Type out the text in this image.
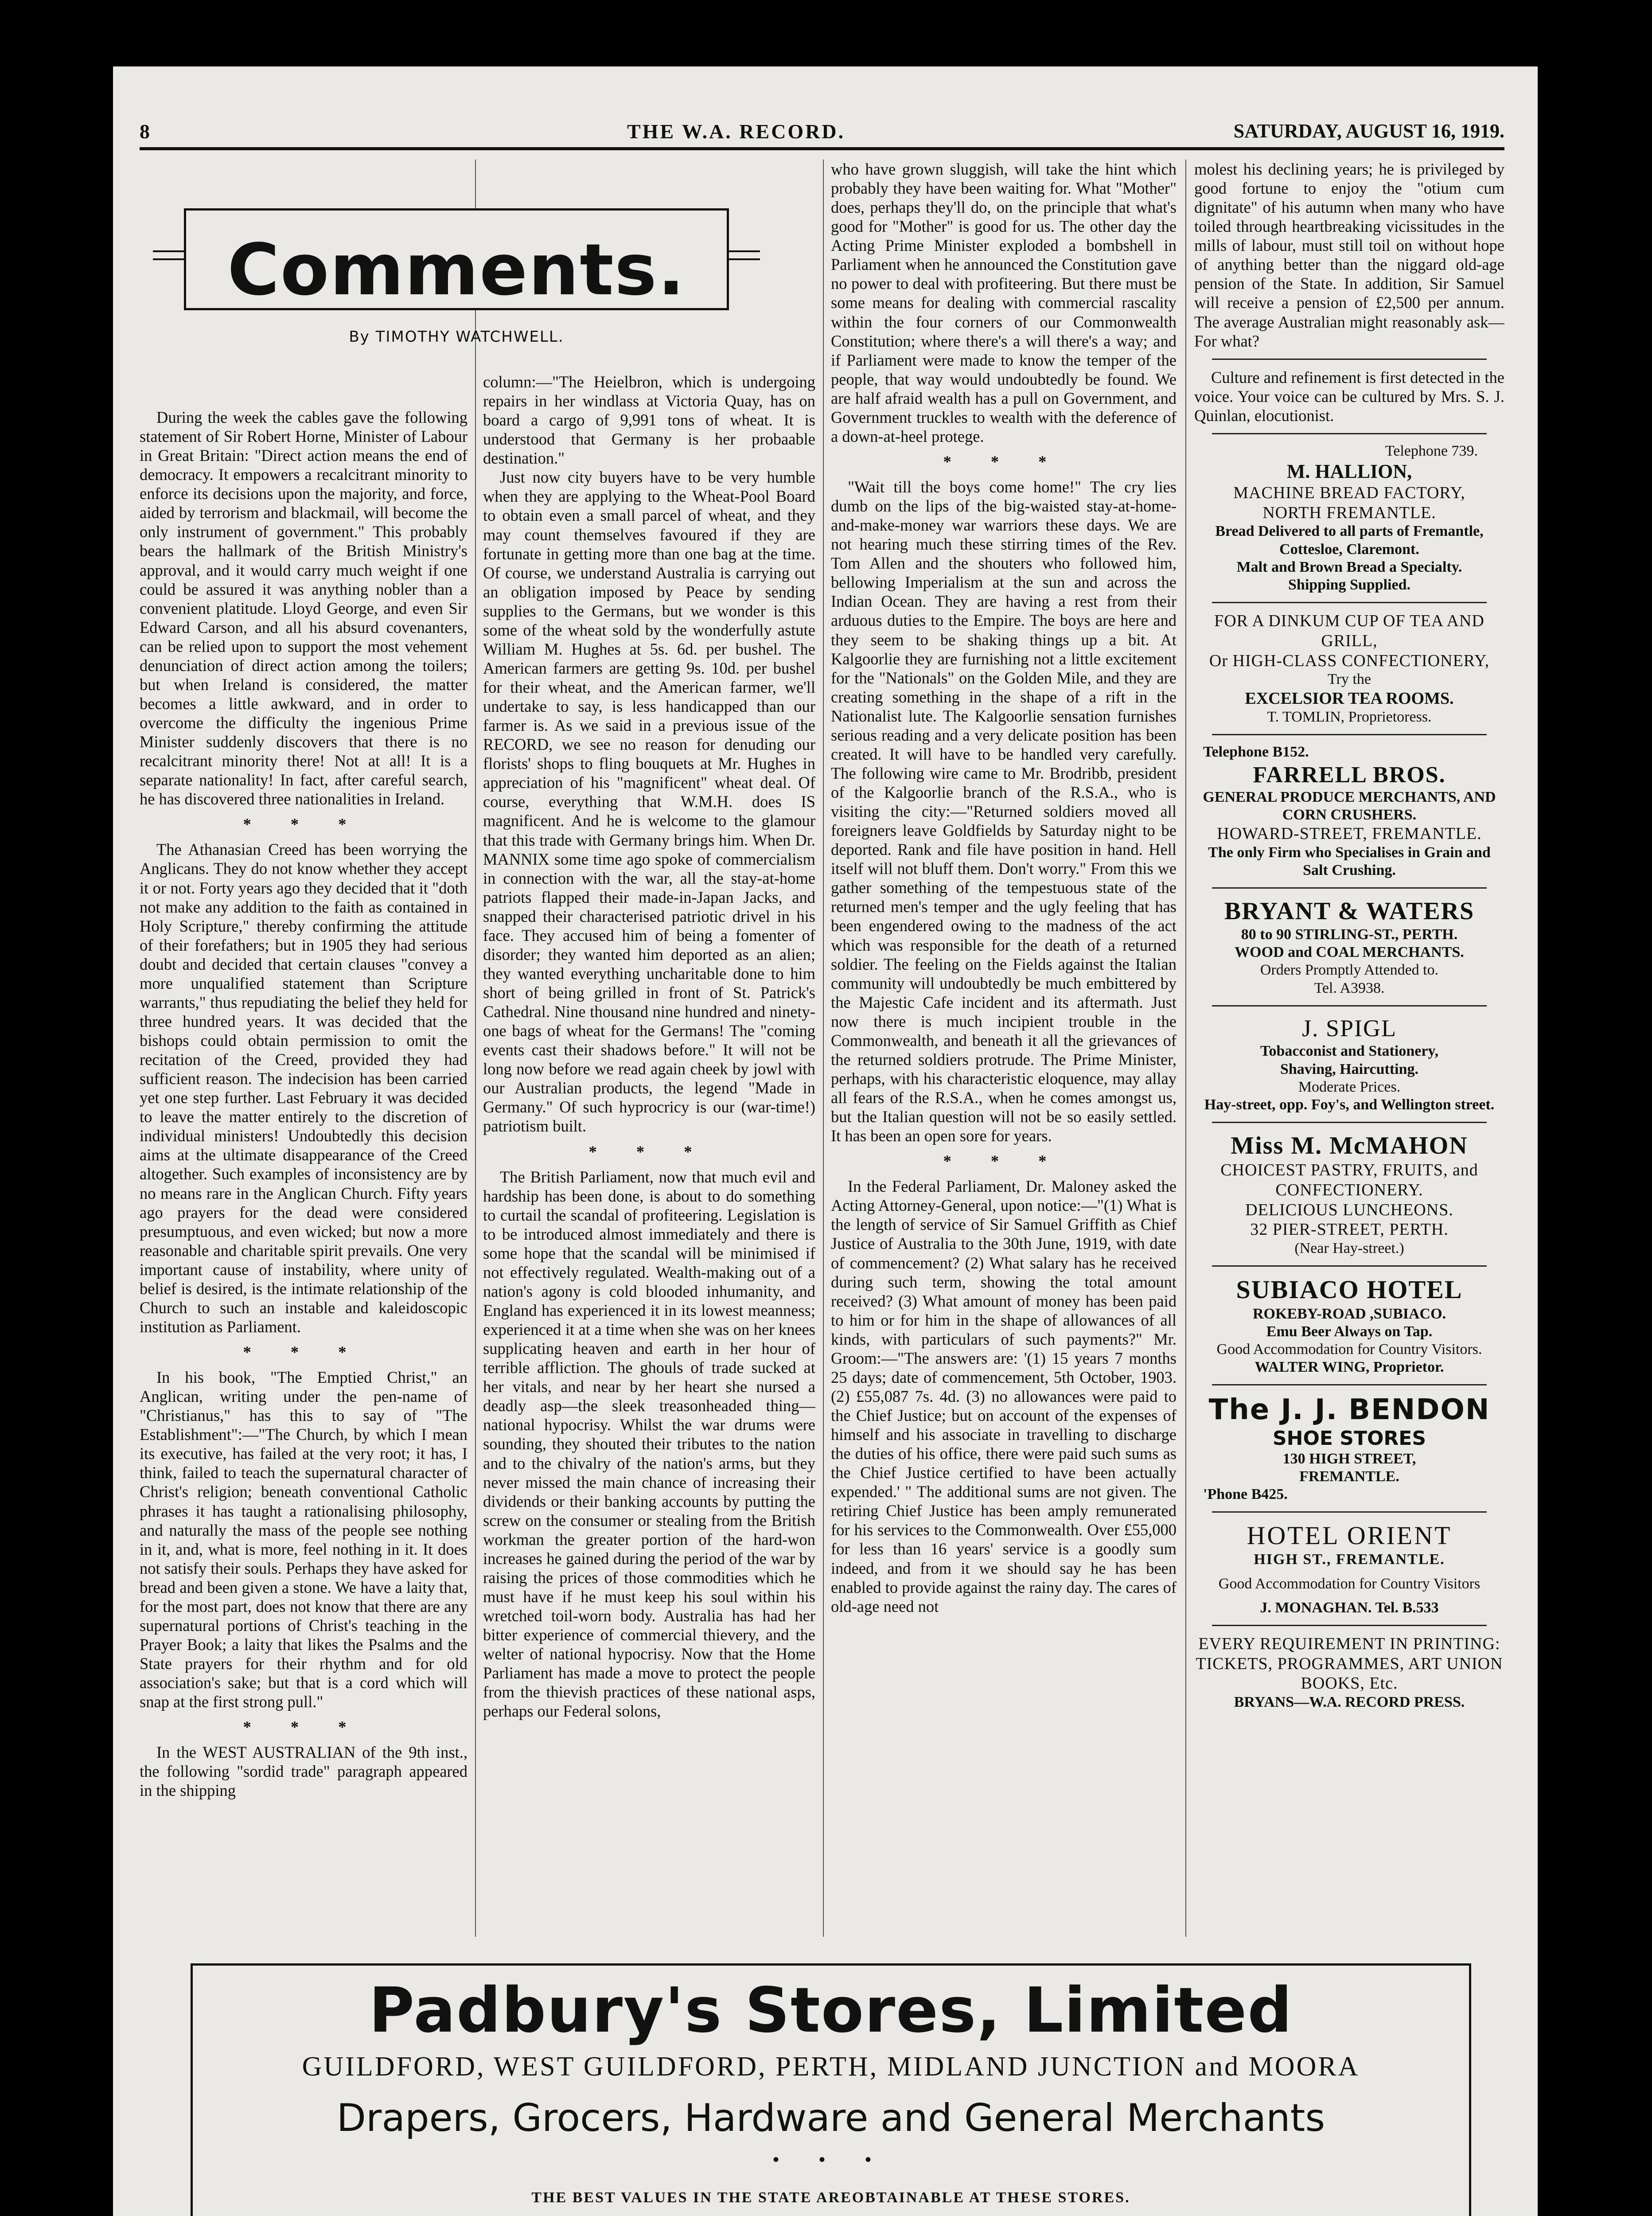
8	THE W.A. RECORD.	SATURDAY, AUGUST 16, 1919.
Comments.
By TIMOTHY WATCHWELL.

During the week the cables gave the following statement of Sir Robert Horne, Minister of Labour in Great Britain: "Direct action means the end of democracy. It empowers a recalcitrant minority to enforce its decisions upon the majority, and force, aided by terrorism and blackmail, will become the only instrument of government." This probably bears the hallmark of the British Ministry's approval, and it would carry much weight if one could be assured it was anything nobler than a convenient platitude. Lloyd George, and even Sir Edward Carson, and all his absurd covenanters, can be relied upon to support the most vehement denunciation of direct action among the toilers; but when Ireland is considered, the matter becomes a little awkward, and in order to overcome the difficulty the ingenious Prime Minister suddenly discovers that there is no recalcitrant minority there! Not at all! It is a separate nationality! In fact, after careful search, he has discovered three nationalities in Ireland.

* * *

The Athanasian Creed has been worrying the Anglicans. They do not know whether they accept it or not. Forty years ago they decided that it "doth not make any addition to the faith as contained in Holy Scripture," thereby confirming the attitude of their forefathers; but in 1905 they had serious doubt and decided that certain clauses "convey a more unqualified statement than Scripture warrants," thus repudiating the belief they held for three hundred years. It was decided that the bishops could obtain permission to omit the recitation of the Creed, provided they had sufficient reason. The indecision has been carried yet one step further. Last February it was decided to leave the matter entirely to the discretion of individual ministers! Undoubtedly this decision aims at the ultimate disappearance of the Creed altogether. Such examples of inconsistency are by no means rare in the Anglican Church. Fifty years ago prayers for the dead were considered presumptuous, and even wicked; but now a more reasonable and charitable spirit prevails. One very important cause of instability, where unity of belief is desired, is the intimate relationship of the Church to such an instable and kaleidoscopic institution as Parliament.

* * *

In his book, "The Emptied Christ," an Anglican, writing under the pen-name of "Christianus," has this to say of "The Establishment":—"The Church, by which I mean its executive, has failed at the very root; it has, I think, failed to teach the supernatural character of Christ's religion; beneath conventional Catholic phrases it has taught a rationalising philosophy, and naturally the mass of the people see nothing in it, and, what is more, feel nothing in it. It does not satisfy their souls. Perhaps they have asked for bread and been given a stone. We have a laity that, for the most part, does not know that there are any supernatural portions of Christ's teaching in the Prayer Book; a laity that likes the Psalms and the State prayers for their rhythm and for old association's sake; but that is a cord which will snap at the first strong pull."

* * *

In the WEST AUSTRALIAN of the 9th inst., the following "sordid trade" paragraph appeared in the shipping

column:—"The Heielbron, which is undergoing repairs in her windlass at Victoria Quay, has on board a cargo of 9,991 tons of wheat. It is understood that Germany is her probaable destination."

Just now city buyers have to be very humble when they are applying to the Wheat-Pool Board to obtain even a small parcel of wheat, and they may count themselves favoured if they are fortunate in getting more than one bag at the time. Of course, we understand Australia is carrying out an obligation imposed by Peace by sending supplies to the Germans, but we wonder is this some of the wheat sold by the wonderfully astute William M. Hughes at 5s. 6d. per bushel. The American farmers are getting 9s. 10d. per bushel for their wheat, and the American farmer, we'll undertake to say, is less handicapped than our farmer is. As we said in a previous issue of the RECORD, we see no reason for denuding our florists' shops to fling bouquets at Mr. Hughes in appreciation of his "magnificent" wheat deal. Of course, everything that W.M.H. does IS magnificent. And he is welcome to the glamour that this trade with Germany brings him. When Dr. MANNIX some time ago spoke of commercialism in connection with the war, all the stay-at-home patriots flapped their made-in-Japan Jacks, and snapped their characterised patriotic drivel in his face. They accused him of being a fomenter of disorder; they wanted him deported as an alien; they wanted everything uncharitable done to him short of being grilled in front of St. Patrick's Cathedral. Nine thousand nine hundred and ninety-one bags of wheat for the Germans! The "coming events cast their shadows before." It will not be long now before we read again cheek by jowl with our Australian products, the legend "Made in Germany." Of such hyprocricy is our (war-time!) patriotism built.

* * *

The British Parliament, now that much evil and hardship has been done, is about to do something to curtail the scandal of profiteering. Legislation is to be introduced almost immediately and there is some hope that the scandal will be minimised if not effectively regulated. Wealth-making out of a nation's agony is cold blooded inhumanity, and England has experienced it in its lowest meanness; experienced it at a time when she was on her knees supplicating heaven and earth in her hour of terrible affliction. The ghouls of trade sucked at her vitals, and near by her heart she nursed a deadly asp—the sleek treasonheaded thing—national hypocrisy. Whilst the war drums were sounding, they shouted their tributes to the nation and to the chivalry of the nation's arms, but they never missed the main chance of increasing their dividends or their banking accounts by putting the screw on the consumer or stealing from the British workman the greater portion of the hard-won increases he gained during the period of the war by raising the prices of those commodities which he must have if he must keep his soul within his wretched toil-worn body. Australia has had her bitter experience of commercial thievery, and the welter of national hypocrisy. Now that the Home Parliament has made a move to protect the people from the thievish practices of these national asps, perhaps our Federal solons,

who have grown sluggish, will take the hint which probably they have been waiting for. What "Mother" does, perhaps they'll do, on the principle that what's good for "Mother" is good for us. The other day the Acting Prime Minister exploded a bombshell in Parliament when he announced the Constitution gave no power to deal with profiteering. But there must be some means for dealing with commercial rascality within the four corners of our Commonwealth Constitution; where there's a will there's a way; and if Parliament were made to know the temper of the people, that way would undoubtedly be found. We are half afraid wealth has a pull on Government, and Government truckles to wealth with the deference of a down-at-heel protege.

* * *

"Wait till the boys come home!" The cry lies dumb on the lips of the big-waisted stay-at-home-and-make-money war warriors these days. We are not hearing much these stirring times of the Rev. Tom Allen and the shouters who followed him, bellowing Imperialism at the sun and across the Indian Ocean. They are having a rest from their arduous duties to the Empire. The boys are here and they seem to be shaking things up a bit. At Kalgoorlie they are furnishing not a little excitement for the "Nationals" on the Golden Mile, and they are creating something in the shape of a rift in the Nationalist lute. The Kalgoorlie sensation furnishes serious reading and a very delicate position has been created. It will have to be handled very carefully. The following wire came to Mr. Brodribb, president of the Kalgoorlie branch of the R.S.A., who is visiting the city:—"Returned soldiers moved all foreigners leave Goldfields by Saturday night to be deported. Rank and file have position in hand. Hell itself will not bluff them. Don't worry." From this we gather something of the tempestuous state of the returned men's temper and the ugly feeling that has been engendered owing to the madness of the act which was responsible for the death of a returned soldier. The feeling on the Fields against the Italian community will undoubtedly be much embittered by the Majestic Cafe incident and its aftermath. Just now there is much incipient trouble in the Commonwealth, and beneath it all the grievances of the returned soldiers protrude. The Prime Minister, perhaps, with his characteristic eloquence, may allay all fears of the R.S.A., when he comes amongst us, but the Italian question will not be so easily settled. It has been an open sore for years.

* * *

In the Federal Parliament, Dr. Maloney asked the Acting Attorney-General, upon notice:—"(1) What is the length of service of Sir Samuel Griffith as Chief Justice of Australia to the 30th June, 1919, with date of commencement? (2) What salary has he received during such term, showing the total amount received? (3) What amount of money has been paid to him or for him in the shape of allowances of all kinds, with particulars of such payments?" Mr. Groom:—"The answers are: '(1) 15 years 7 months 25 days; date of commencement, 5th October, 1903. (2) £55,087 7s. 4d. (3) no allowances were paid to the Chief Justice; but on account of the expenses of himself and his associate in travelling to discharge the duties of his office, there were paid such sums as the Chief Justice certified to have been actually expended.' " The additional sums are not given. The retiring Chief Justice has been amply remunerated for his services to the Commonwealth. Over £55,000 for less than 16 years' service is a goodly sum indeed, and from it we should say he has been enabled to provide against the rainy day. The cares of old-age need not

molest his declining years; he is privileged by good fortune to enjoy the "otium cum dignitate" of his autumn when many who have toiled through heartbreaking vicissitudes in the mills of labour, must still toil on without hope of anything better than the niggard old-age pension of the State. In addition, Sir Samuel will receive a pension of £2,500 per annum. The average Australian might reasonably ask—For what?

Culture and refinement is first detected in the voice. Your voice can be cultured by Mrs. S. J. Quinlan, elocutionist.

Telephone 739.
M. HALLION,
MACHINE BREAD FACTORY,
NORTH FREMANTLE.
Bread Delivered to all parts of Fremantle, Cottesloe, Claremont.
Malt and Brown Bread a Specialty.
Shipping Supplied.
FOR A DINKUM CUP OF TEA AND GRILL,
Or HIGH-CLASS CONFECTIONERY,
Try the
EXCELSIOR TEA ROOMS.
T. TOMLIN, Proprietoress.
Telephone B152.
FARRELL BROS.
GENERAL PRODUCE MERCHANTS, AND CORN CRUSHERS.
HOWARD-STREET, FREMANTLE.
The only Firm who Specialises in Grain and Salt Crushing.
BRYANT & WATERS
80 to 90 STIRLING-ST., PERTH.
WOOD and COAL MERCHANTS.
Orders Promptly Attended to.
Tel. A3938.
J. SPIGL
Tobacconist and Stationery,
Shaving, Haircutting.
Moderate Prices.
Hay-street, opp. Foy's, and Wellington street.
Miss M. McMAHON
CHOICEST PASTRY, FRUITS, and CONFECTIONERY.
DELICIOUS LUNCHEONS.
32 PIER-STREET, PERTH.
(Near Hay-street.)
SUBIACO HOTEL
ROKEBY-ROAD ,SUBIACO.
Emu Beer Always on Tap.
Good Accommodation for Country Visitors.
WALTER WING, Proprietor.
The J. J. BENDON
SHOE STORES
130 HIGH STREET,
FREMANTLE.
'Phone B425.
HOTEL ORIENT
HIGH ST., FREMANTLE.
Good Accommodation for Country Visitors
J. MONAGHAN. Tel. B.533
EVERY REQUIREMENT IN PRINTING: TICKETS, PROGRAMMES, ART UNION BOOKS, Etc.
BRYANS—W.A. RECORD PRESS.
Padbury's Stores, Limited
GUILDFORD, WEST GUILDFORD, PERTH, MIDLAND JUNCTION and MOORA
Drapers, Grocers, Hardware and General Merchants
• • •
THE BEST VALUES IN THE STATE AREOBTAINABLE AT THESE STORES.
